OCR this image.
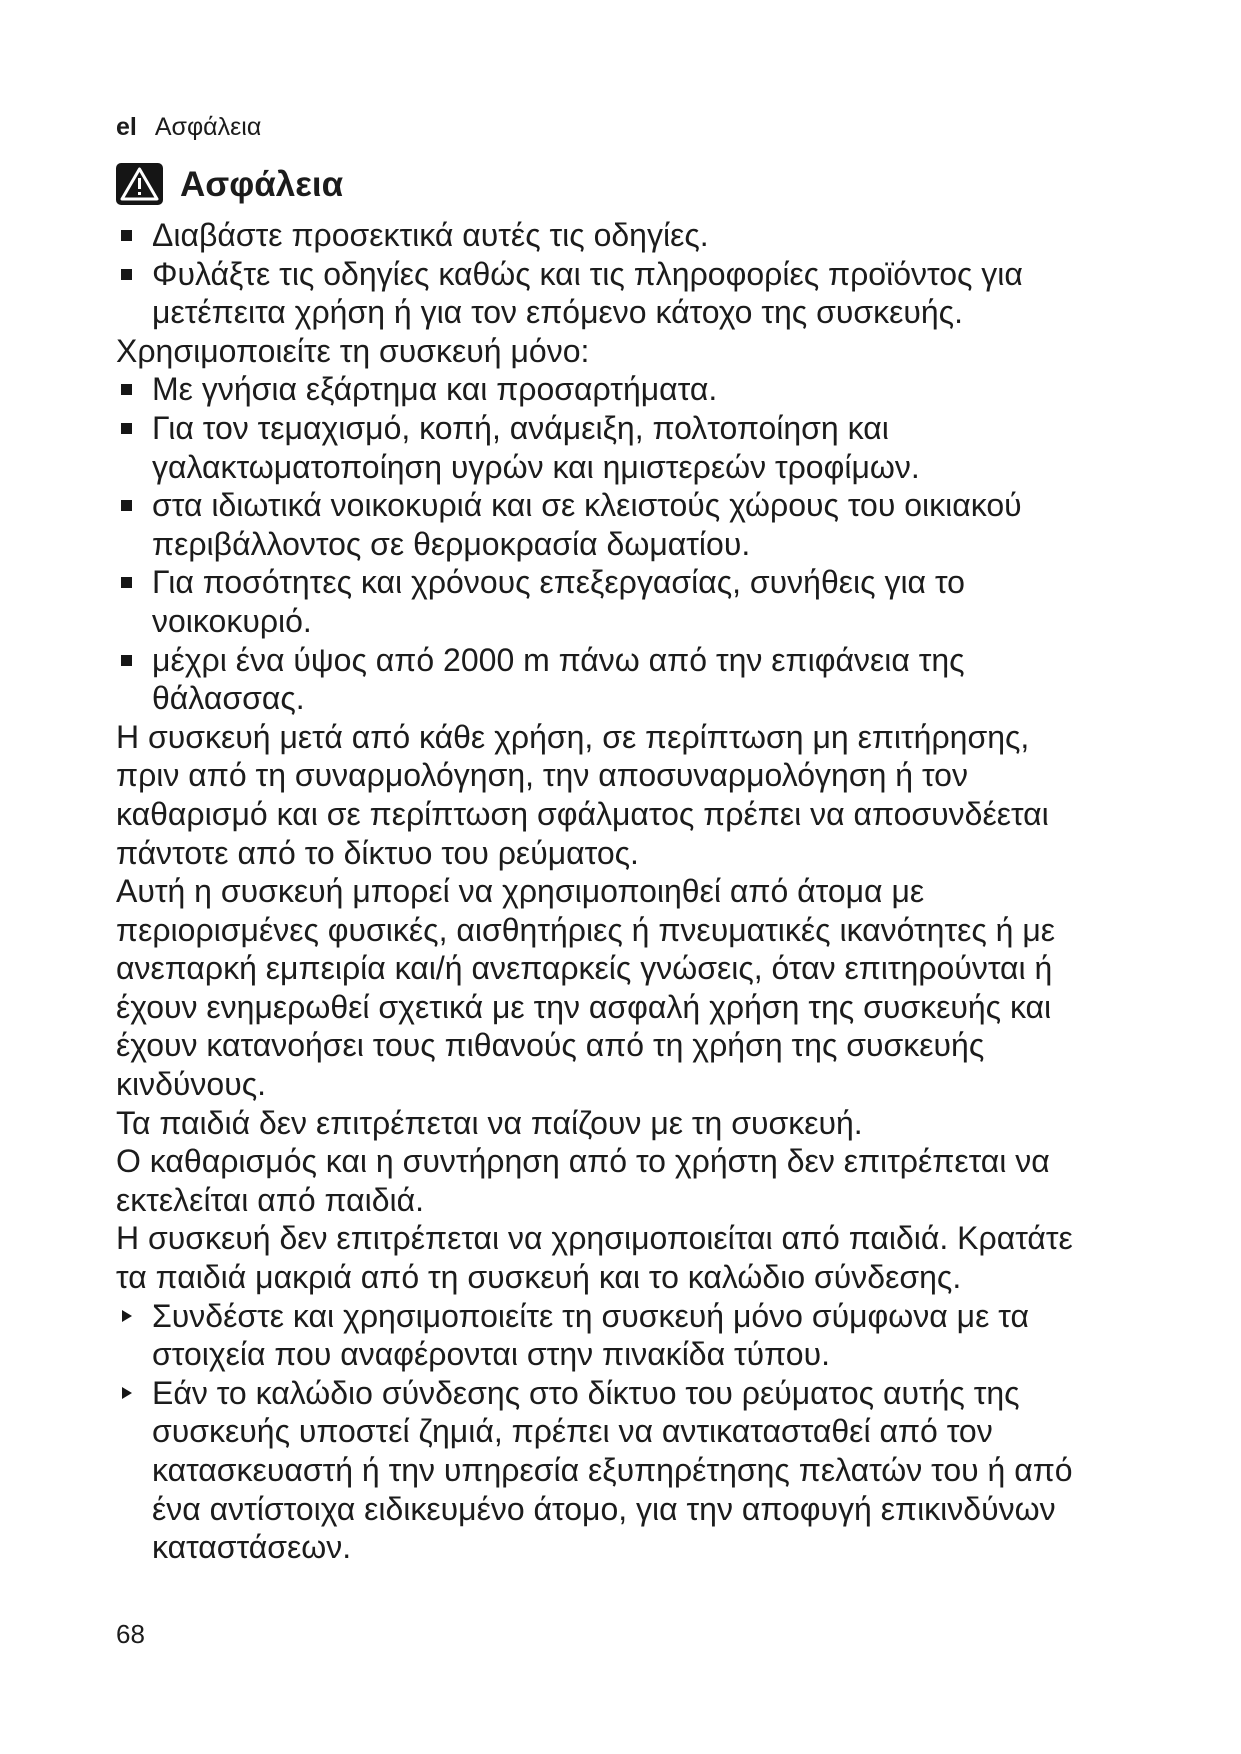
el Ασφάλεια
Ασφάλεια
Διαβάστε προσεκτικά αυτές τις οδηγίες.
Φυλάξτε τις οδηγίες καθώς και τις πληροφορίες προϊόντος για
μετέπειτα χρήση ή για τον επόμενο κάτοχο της συσκευής.
Χρησιμοποιείτε τη συσκευή μόνο:
Με γνήσια εξάρτημα και προσαρτήματα.
Για τον τεμαχισμό, κοπή, ανάμειξη, πολτοποίηση και
γαλακτωματοποίηση υγρών και ημιστερεών τροφίμων.
στα ιδιωτικά νοικοκυριά και σε κλειστούς χώρους του οικιακού
περιβάλλοντος σε θερμοκρασία δωματίου.
Για ποσότητες και χρόνους επεξεργασίας, συνήθεις για το
νοικοκυριό.
μέχρι ένα ύψος από 2000 m πάνω από την επιφάνεια της
θάλασσας.
Η συσκευή μετά από κάθε χρήση, σε περίπτωση μη επιτήρησης,
πριν από τη συναρμολόγηση, την αποσυναρμολόγηση ή τον
καθαρισμό και σε περίπτωση σφάλματος πρέπει να αποσυνδέεται
πάντοτε από το δίκτυο του ρεύματος.
Αυτή η συσκευή μπορεί να χρησιμοποιηθεί από άτομα με
περιορισμένες φυσικές, αισθητήριες ή πνευματικές ικανότητες ή με
ανεπαρκή εμπειρία και/ή ανεπαρκείς γνώσεις, όταν επιτηρούνται ή
έχουν ενημερωθεί σχετικά με την ασφαλή χρήση της συσκευής και
έχουν κατανοήσει τους πιθανούς από τη χρήση της συσκευής
κινδύνους.
Τα παιδιά δεν επιτρέπεται να παίζουν με τη συσκευή.
Ο καθαρισμός και η συντήρηση από το χρήστη δεν επιτρέπεται να
εκτελείται από παιδιά.
Η συσκευή δεν επιτρέπεται να χρησιμοποιείται από παιδιά. Κρατάτε
τα παιδιά μακριά από τη συσκευή και το καλώδιο σύνδεσης.
Συνδέστε και χρησιμοποιείτε τη συσκευή μόνο σύμφωνα με τα
στοιχεία που αναφέρονται στην πινακίδα τύπου.
Εάν το καλώδιο σύνδεσης στο δίκτυο του ρεύματος αυτής της
συσκευής υποστεί ζημιά, πρέπει να αντικατασταθεί από τον
κατασκευαστή ή την υπηρεσία εξυπηρέτησης πελατών του ή από
ένα αντίστοιχα ειδικευμένο άτομο, για την αποφυγή επικινδύνων
καταστάσεων.
68
